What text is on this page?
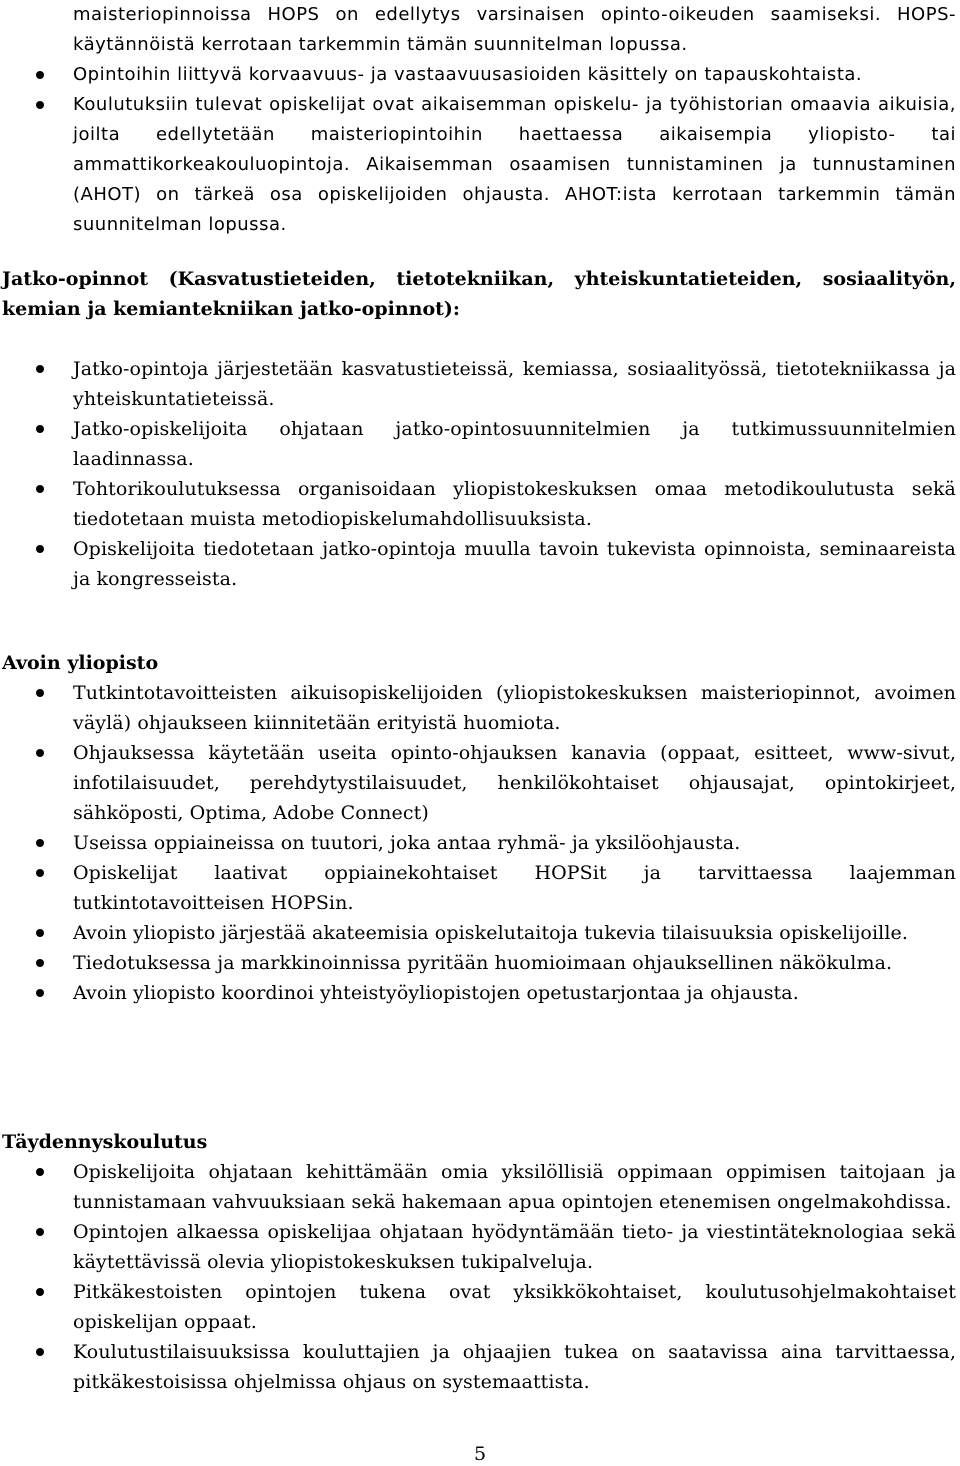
maisteriopinnoissa HOPS on edellytys varsinaisen opinto-oikeuden saamiseksi. HOPS- käytännöistä kerrotaan tarkemmin tämän suunnitelman lopussa.
Opintoihin liittyvä korvaavuus- ja vastaavuusasioiden käsittely on tapauskohtaista.
Koulutuksiin tulevat opiskelijat ovat aikaisemman opiskelu- ja työhistorian omaavia aikuisia, joilta edellytetään maisteriopintoihin haettaessa aikaisempia yliopisto- tai ammattikorkeakouluopintoja. Aikaisemman osaamisen tunnistaminen ja tunnustaminen (AHOT) on tärkeä osa opiskelijoiden ohjausta. AHOT:ista kerrotaan tarkemmin tämän suunnitelman lopussa.
Jatko-opinnot (Kasvatustieteiden, tietotekniikan, yhteiskuntatieteiden, sosiaalityön, kemian ja kemiantekniikan jatko-opinnot):
Jatko-opintoja järjestetään kasvatustieteissä, kemiassa, sosiaalityössä, tietotekniikassa ja yhteiskuntatieteissä.
Jatko-opiskelijoita ohjataan jatko-opintosuunnitelmien ja tutkimussuunnitelmien laadinnassa.
Tohtorikoulutuksessa organisoidaan yliopistokeskuksen omaa metodikoulutusta sekä tiedotetaan muista metodiopiskelumahdollisuuksista.
Opiskelijoita tiedotetaan jatko-opintoja muulla tavoin tukevista opinnoista, seminaareista ja kongresseista.
Avoin yliopisto
Tutkintotavoitteisten aikuisopiskelijoiden (yliopistokeskuksen maisteriopinnot, avoimen väylä) ohjaukseen kiinnitetään erityistä huomiota.
Ohjauksessa käytetään useita opinto-ohjauksen kanavia (oppaat, esitteet, www-sivut, infotilaisuudet, perehdytystilaisuudet, henkilökohtaiset ohjausajat, opintokirjeet, sähköposti, Optima, Adobe Connect)
Useissa oppiaineissa on tuutori, joka antaa ryhmä- ja yksilöohjausta.
Opiskelijat laativat oppiainekohtaiset HOPSit ja tarvittaessa laajemman tutkintotavoitteisen HOPSin.
Avoin yliopisto järjestää akateemisia opiskelutaitoja tukevia tilaisuuksia opiskelijoille.
Tiedotuksessa ja markkinoinnissa pyritään huomioimaan ohjauksellinen näkökulma.
Avoin yliopisto koordinoi yhteistyöyliopistojen opetustarjontaa ja ohjausta.
Täydennyskoulutus
Opiskelijoita ohjataan kehittämään omia yksilöllisiä oppimaan oppimisen taitojaan ja tunnistamaan vahvuuksiaan sekä hakemaan apua opintojen etenemisen ongelmakohdissa.
Opintojen alkaessa opiskelijaa ohjataan hyödyntämään tieto- ja viestintäteknologiaa sekä käytettävissä olevia yliopistokeskuksen tukipalveluja.
Pitkäkestoisten opintojen tukena ovat yksikkökohtaiset, koulutusohjelmakohtaiset opiskelijan oppaat.
Koulutustilaisuuksissa kouluttajien ja ohjaajien tukea on saatavissa aina tarvittaessa, pitkäkestoisissa ohjelmissa ohjaus on systemaattista.
5
